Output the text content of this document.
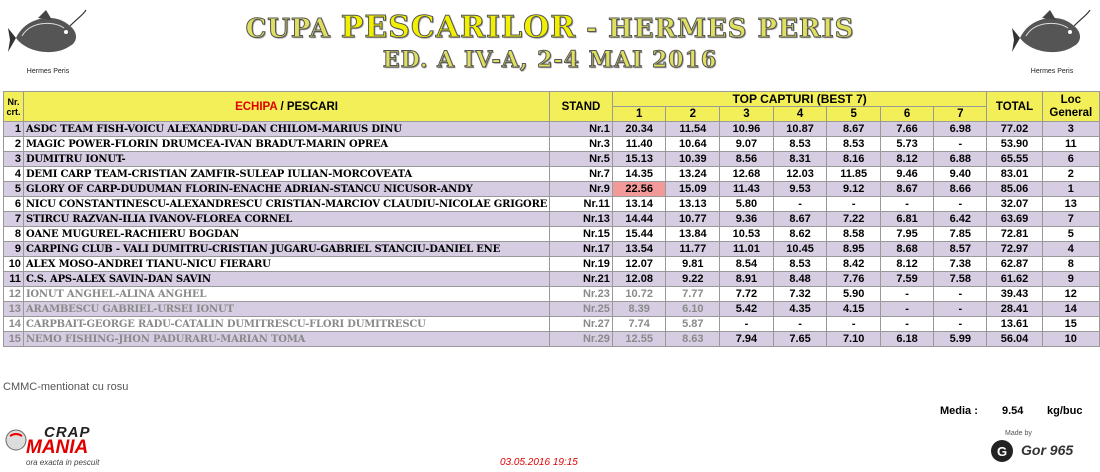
Hermes Peris	Hermes Peris
CUPA PESCARILOR - HERMES PERIS
ED. A IV-A, 2-4 MAI 2016
Nr. crt.	ECHIPA / PESCARI	STAND	TOP CAPTURI (BEST 7)							TOTAL	Loc General
			1	2	3	4	5	6	7		
1	ASDC TEAM FISH-VOICU ALEXANDRU-DAN CHILOM-MARIUS DINU	Nr.1	20.34	11.54	10.96	10.87	8.67	7.66	6.98	77.02	3
2	MAGIC POWER-FLORIN DRUMCEA-IVAN BRADUT-MARIN OPREA	Nr.3	11.40	10.64	9.07	8.53	8.53	5.73	-	53.90	11
3	DUMITRU IONUT-	Nr.5	15.13	10.39	8.56	8.31	8.16	8.12	6.88	65.55	6
4	DEMI CARP TEAM-CRISTIAN ZAMFIR-SULEAP IULIAN-MORCOVEATA	Nr.7	14.35	13.24	12.68	12.03	11.85	9.46	9.40	83.01	2
5	GLORY OF CARP-DUDUMAN FLORIN-ENACHE ADRIAN-STANCU NICUSOR-ANDY	Nr.9	22.56	15.09	11.43	9.53	9.12	8.67	8.66	85.06	1
6	NICU CONSTANTINESCU-ALEXANDRESCU CRISTIAN-MARCIOV CLAUDIU-NICOLAE GRIGORE	Nr.11	13.14	13.13	5.80	-	-	-	-	32.07	13
7	STIRCU RAZVAN-ILIA IVANOV-FLOREA CORNEL	Nr.13	14.44	10.77	9.36	8.67	7.22	6.81	6.42	63.69	7
8	OANE MUGUREL-RACHIERU BOGDAN	Nr.15	15.44	13.84	10.53	8.62	8.58	7.95	7.85	72.81	5
9	CARPING CLUB - VALI DUMITRU-CRISTIAN JUGARU-GABRIEL STANCIU-DANIEL ENE	Nr.17	13.54	11.77	11.01	10.45	8.95	8.68	8.57	72.97	4
10	ALEX MOSO-ANDREI TIANU-NICU FIERARU	Nr.19	12.07	9.81	8.54	8.53	8.42	8.12	7.38	62.87	8
11	C.S. APS-ALEX SAVIN-DAN SAVIN	Nr.21	12.08	9.22	8.91	8.48	7.76	7.59	7.58	61.62	9
12	IONUT ANGHEL-ALINA ANGHEL	Nr.23	10.72	7.77	7.72	7.32	5.90	-	-	39.43	12
13	ARAMBESCU GABRIEL-URSEI IONUT	Nr.25	8.39	6.10	5.42	4.35	4.15	-	-	28.41	14
14	CARPBAIT-GEORGE RADU-CATALIN DUMITRESCU-FLORI DUMITRESCU	Nr.27	7.74	5.87	-	-	-	-	-	13.61	15
15	NEMO FISHING-JHON PADURARU-MARIAN TOMA	Nr.29	12.55	8.63	7.94	7.65	7.10	6.18	5.99	56.04	10
CMMC-mentionat cu rosu
Media : 9.54 kg/buc
CRAP
MANIA
ora exacta in pescuit	03.05.2016 19:15
Made by
G Gor 965
